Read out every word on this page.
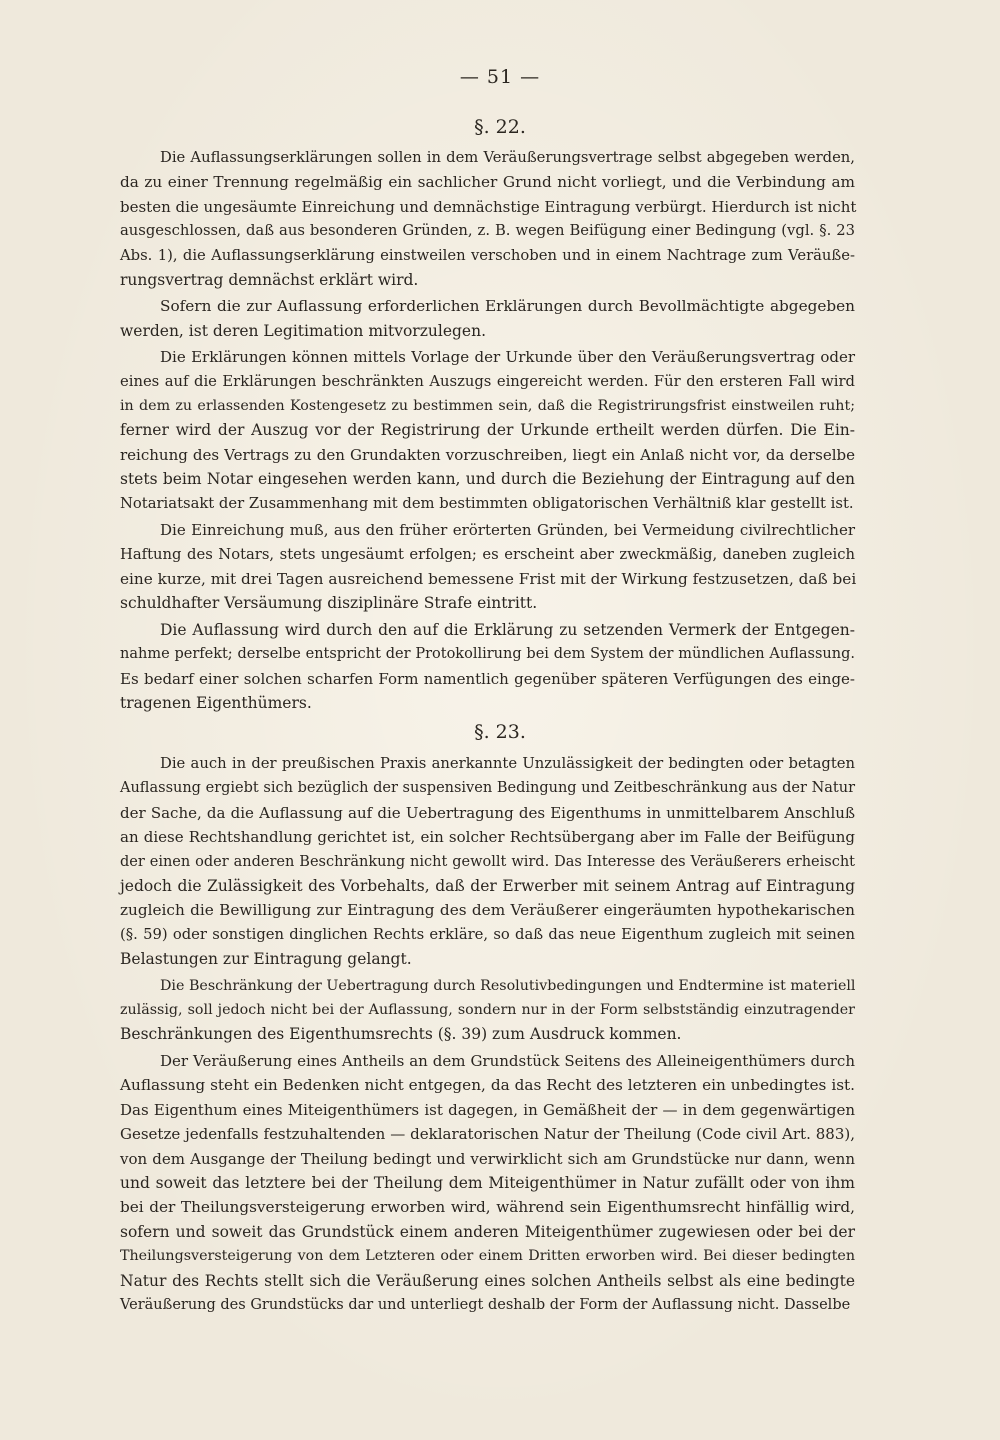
— 51 —
§. 22.
Die Auflassungserklärungen sollen in dem Veräußerungsvertrage selbst abgegeben werden,
da zu einer Trennung regelmäßig ein sachlicher Grund nicht vorliegt, und die Verbindung am
besten die ungesäumte Einreichung und demnächstige Eintragung verbürgt. Hierdurch ist nicht
ausgeschlossen, daß aus besonderen Gründen, z. B. wegen Beifügung einer Bedingung (vgl. §. 23
Abs. 1), die Auflassungserklärung einstweilen verschoben und in einem Nachtrage zum Veräuße-
rungsvertrag demnächst erklärt wird.
Sofern die zur Auflassung erforderlichen Erklärungen durch Bevollmächtigte abgegeben
werden, ist deren Legitimation mitvorzulegen.
Die Erklärungen können mittels Vorlage der Urkunde über den Veräußerungsvertrag oder
eines auf die Erklärungen beschränkten Auszugs eingereicht werden. Für den ersteren Fall wird
in dem zu erlassenden Kostengesetz zu bestimmen sein, daß die Registrirungsfrist einstweilen ruht;
ferner wird der Auszug vor der Registrirung der Urkunde ertheilt werden dürfen. Die Ein-
reichung des Vertrags zu den Grundakten vorzuschreiben, liegt ein Anlaß nicht vor, da derselbe
stets beim Notar eingesehen werden kann, und durch die Beziehung der Eintragung auf den
Notariatsakt der Zusammenhang mit dem bestimmten obligatorischen Verhältniß klar gestellt ist.
Die Einreichung muß, aus den früher erörterten Gründen, bei Vermeidung civilrechtlicher
Haftung des Notars, stets ungesäumt erfolgen; es erscheint aber zweckmäßig, daneben zugleich
eine kurze, mit drei Tagen ausreichend bemessene Frist mit der Wirkung festzusetzen, daß bei
schuldhafter Versäumung disziplinäre Strafe eintritt.
Die Auflassung wird durch den auf die Erklärung zu setzenden Vermerk der Entgegen-
nahme perfekt; derselbe entspricht der Protokollirung bei dem System der mündlichen Auflassung.
Es bedarf einer solchen scharfen Form namentlich gegenüber späteren Verfügungen des einge-
tragenen Eigenthümers.
§. 23.
Die auch in der preußischen Praxis anerkannte Unzulässigkeit der bedingten oder betagten
Auflassung ergiebt sich bezüglich der suspensiven Bedingung und Zeitbeschränkung aus der Natur
der Sache, da die Auflassung auf die Uebertragung des Eigenthums in unmittelbarem Anschluß
an diese Rechtshandlung gerichtet ist, ein solcher Rechtsübergang aber im Falle der Beifügung
der einen oder anderen Beschränkung nicht gewollt wird. Das Interesse des Veräußerers erheischt
jedoch die Zulässigkeit des Vorbehalts, daß der Erwerber mit seinem Antrag auf Eintragung
zugleich die Bewilligung zur Eintragung des dem Veräußerer eingeräumten hypothekarischen
(§. 59) oder sonstigen dinglichen Rechts erkläre, so daß das neue Eigenthum zugleich mit seinen
Belastungen zur Eintragung gelangt.
Die Beschränkung der Uebertragung durch Resolutivbedingungen und Endtermine ist materiell
zulässig, soll jedoch nicht bei der Auflassung, sondern nur in der Form selbstständig einzutragender
Beschränkungen des Eigenthumsrechts (§. 39) zum Ausdruck kommen.
Der Veräußerung eines Antheils an dem Grundstück Seitens des Alleineigenthümers durch
Auflassung steht ein Bedenken nicht entgegen, da das Recht des letzteren ein unbedingtes ist.
Das Eigenthum eines Miteigenthümers ist dagegen, in Gemäßheit der — in dem gegenwärtigen
Gesetze jedenfalls festzuhaltenden — deklaratorischen Natur der Theilung (Code civil Art. 883),
von dem Ausgange der Theilung bedingt und verwirklicht sich am Grundstücke nur dann, wenn
und soweit das letztere bei der Theilung dem Miteigenthümer in Natur zufällt oder von ihm
bei der Theilungsversteigerung erworben wird, während sein Eigenthumsrecht hinfällig wird,
sofern und soweit das Grundstück einem anderen Miteigenthümer zugewiesen oder bei der
Theilungsversteigerung von dem Letzteren oder einem Dritten erworben wird. Bei dieser bedingten
Natur des Rechts stellt sich die Veräußerung eines solchen Antheils selbst als eine bedingte
Veräußerung des Grundstücks dar und unterliegt deshalb der Form der Auflassung nicht. Dasselbe
